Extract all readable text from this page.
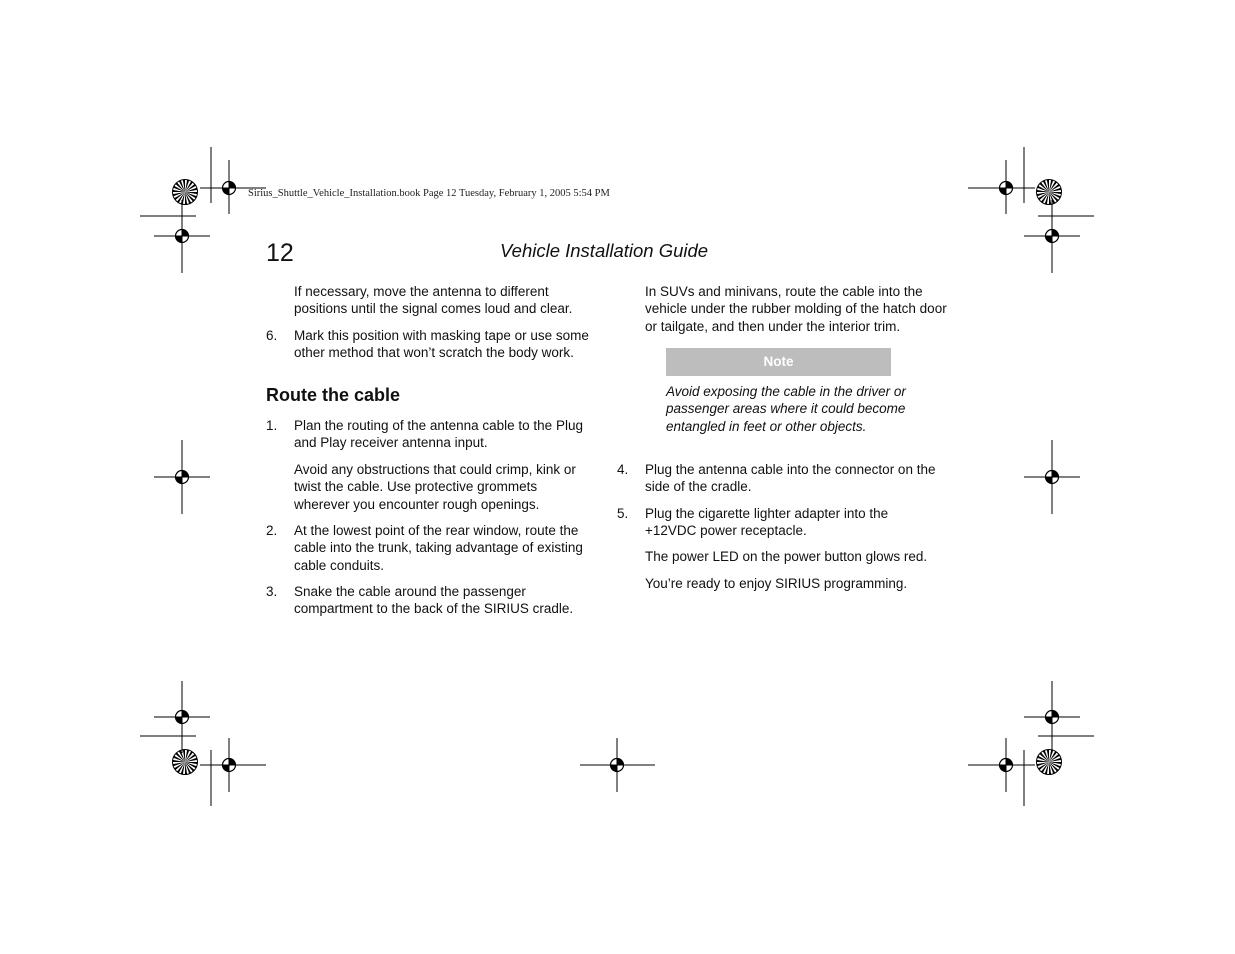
Sirius_Shuttle_Vehicle_Installation.book Page 12 Tuesday, February 1, 2005 5:54 PM
12	Vehicle Installation Guide

If necessary, move the antenna to different positions until the signal comes loud and clear.

6. Mark this position with masking tape or use some other method that won’t scratch the body work.

Route the cable
1. Plan the routing of the antenna cable to the Plug and Play receiver antenna input.

Avoid any obstructions that could crimp, kink or twist the cable. Use protective grommets wherever you encounter rough openings.

2. At the lowest point of the rear window, route the cable into the trunk, taking advantage of existing cable conduits.

3. Snake the cable around the passenger compartment to the back of the SIRIUS cradle.

In SUVs and minivans, route the cable into the vehicle under the rubber molding of the hatch door or tailgate, and then under the interior trim.

Note

Avoid exposing the cable in the driver or passenger areas where it could become entangled in feet or other objects.

4. Plug the antenna cable into the connector on the side of the cradle.

5. Plug the cigarette lighter adapter into the +12VDC power receptacle.

The power LED on the power button glows red.

You’re ready to enjoy SIRIUS programming.
